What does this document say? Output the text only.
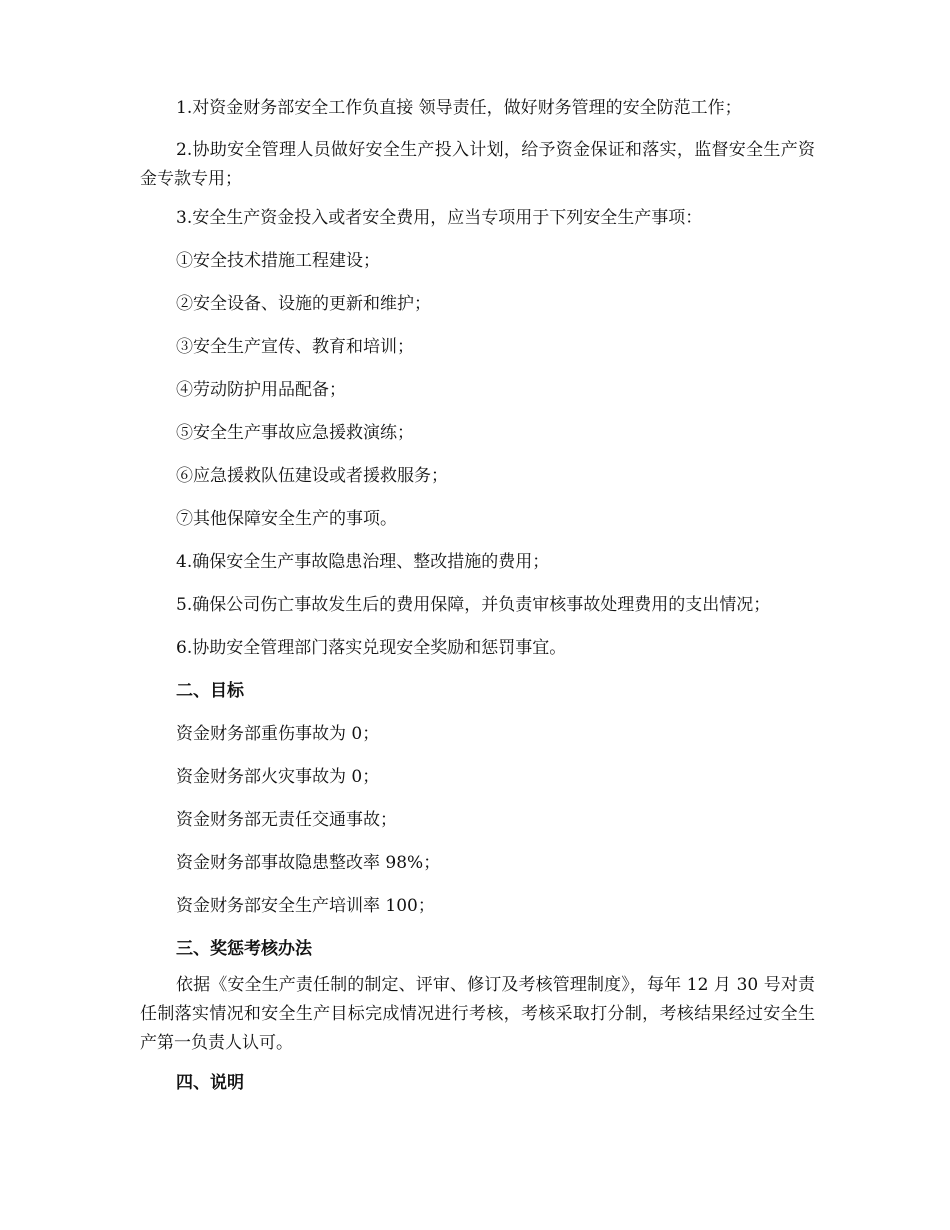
1.对资金财务部安全工作负直接 领导责任，做好财务管理的安全防范工作；

2.协助安全管理人员做好安全生产投入计划，给予资金保证和落实，监督安全生产资金专款专用；

3.安全生产资金投入或者安全费用，应当专项用于下列安全生产事项：

①安全技术措施工程建设；

②安全设备、设施的更新和维护；

③安全生产宣传、教育和培训；

④劳动防护用品配备；

⑤安全生产事故应急援救演练；

⑥应急援救队伍建设或者援救服务；

⑦其他保障安全生产的事项。

4.确保安全生产事故隐患治理、整改措施的费用；

5.确保公司伤亡事故发生后的费用保障，并负责审核事故处理费用的支出情况；

6.协助安全管理部门落实兑现安全奖励和惩罚事宜。

二、目标

资金财务部重伤事故为 0；

资金财务部火灾事故为 0；

资金财务部无责任交通事故；

资金财务部事故隐患整改率 98%；

资金财务部安全生产培训率 100；

三、奖惩考核办法

依据《安全生产责任制的制定、评审、修订及考核管理制度》，每年 12 月 30 号对责任制落实情况和安全生产目标完成情况进行考核，考核采取打分制，考核结果经过安全生产第一负责人认可。

四、说明
